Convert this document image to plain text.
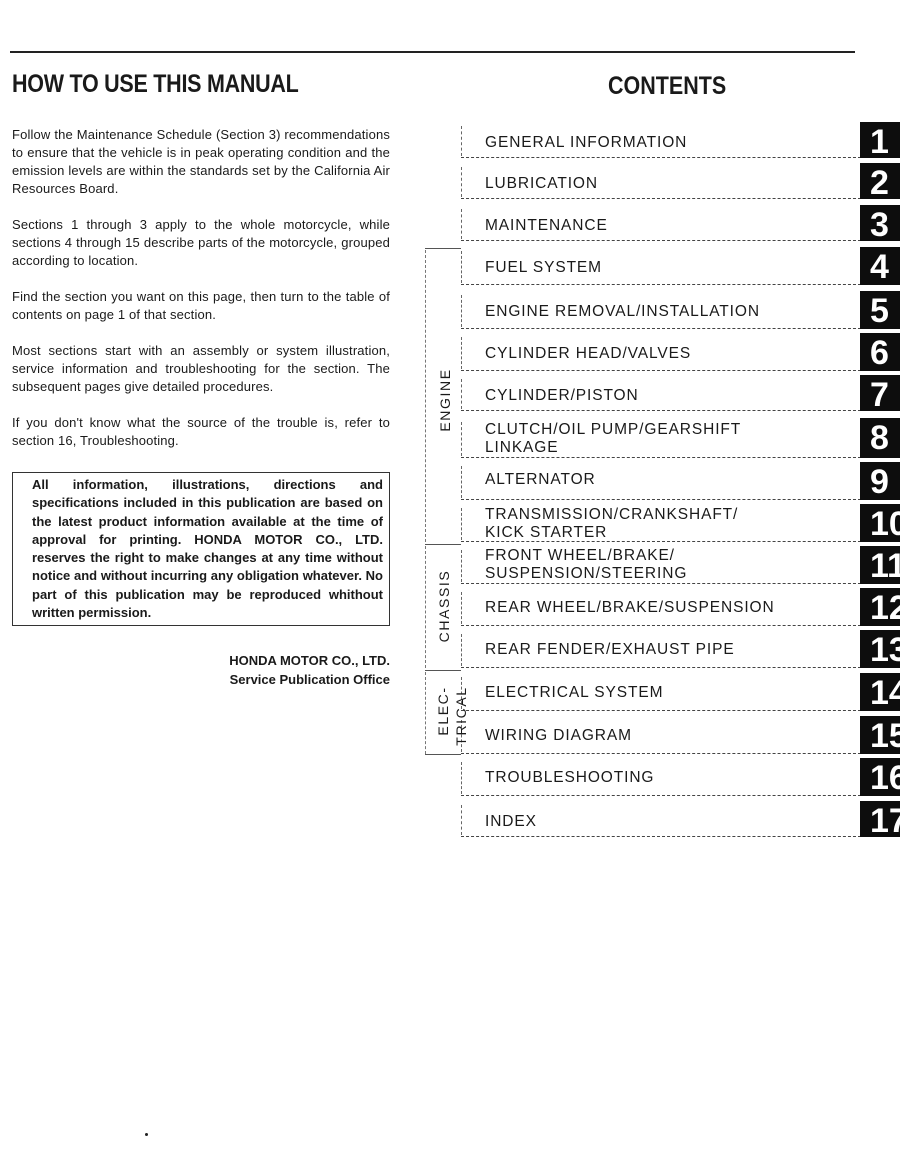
HOW TO USE THIS MANUAL

Follow the Maintenance Schedule (Section 3) recommendations to ensure that the vehicle is in peak operating condition and the emission levels are within the standards set by the California Air Resources Board.

Sections 1 through 3 apply to the whole motorcycle, while sections 4 through 15 describe parts of the motorcycle, grouped according to location.

Find the section you want on this page, then turn to the table of contents on page 1 of that section.

Most sections start with an assembly or system illustration, service information and troubleshooting for the section. The subsequent pages give detailed procedures.

If you don't know what the source of the trouble is, refer to section 16, Troubleshooting.

All information, illustrations, directions and specifications included in this publication are based on the latest product information available at the time of approval for printing. HONDA MOTOR CO., LTD. reserves the right to make changes at any time without notice and without incurring any obligation whatever. No part of this publication may be reproduced whithout written permission.
HONDA MOTOR CO., LTD.
Service Publication Office
CONTENTS
GENERAL INFORMATION	1
LUBRICATION	2
MAINTENANCE	3
FUEL SYSTEM	4
ENGINE REMOVAL/INSTALLATION	5
CYLINDER HEAD/VALVES	6
CYLINDER/PISTON	7
CLUTCH/OIL PUMP/GEARSHIFT
LINKAGE	8
ALTERNATOR	9
TRANSMISSION/CRANKSHAFT/
KICK STARTER	10
FRONT WHEEL/BRAKE/
SUSPENSION/STEERING	11
REAR WHEEL/BRAKE/SUSPENSION	12
REAR FENDER/EXHAUST PIPE	13
ELECTRICAL SYSTEM	14
WIRING DIAGRAM	15
TROUBLESHOOTING	16
INDEX	17
ENGINE
CHASSIS
ELEC- TRICAL
